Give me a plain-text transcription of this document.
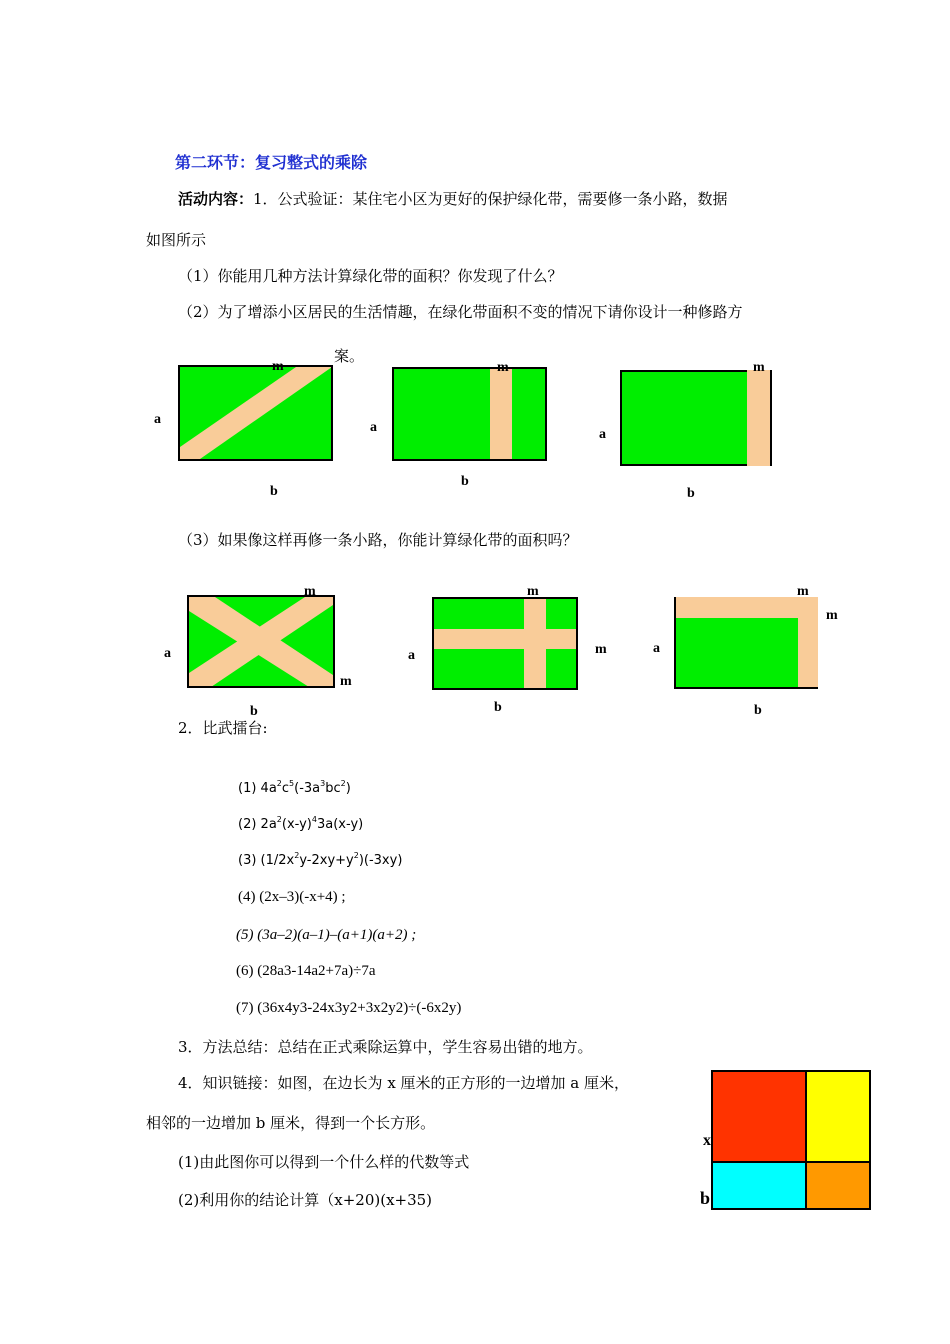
第二环节：复习整式的乘除
活动内容：1．公式验证：某住宅小区为更好的保护绿化带，需要修一条小路，数据
如图所示
（1）你能用几种方法计算绿化带的面积？你发现了什么？
（2）为了增添小区居民的生活情趣，在绿化带面积不变的情况下请你设计一种修路方
案。
a
b
m
a
b
m
a
b
m
（3）如果像这样再修一条小路，你能计算绿化带的面积吗？
a
b
m
m
a
b
m
m	a
b
m
m
2．比武擂台:
(1) $4a^2c^5(-3a^3bc^2)$
(2) $2a^2(x-y)^43a(x-y)$
(3) $(1/2x^2y-2xy+y^2)(-3xy)$
(4) (2x–3)(-x+4) ;
(5) (3a–2)(a–1)–(a+1)(a+2) ;
(6) (28a3-14a2+7a)÷7a
(7) (36x4y3-24x3y2+3x2y2)÷(-6x2y)
3．方法总结：总结在正式乘除运算中，学生容易出错的地方。
4．知识链接：如图，在边长为 x 厘米的正方形的一边增加 a 厘米，
相邻的一边增加 b 厘米，得到一个长方形。
(1)由此图你可以得到一个什么样的代数等式
(2)利用你的结论计算（x+20)(x+35)
x
b
